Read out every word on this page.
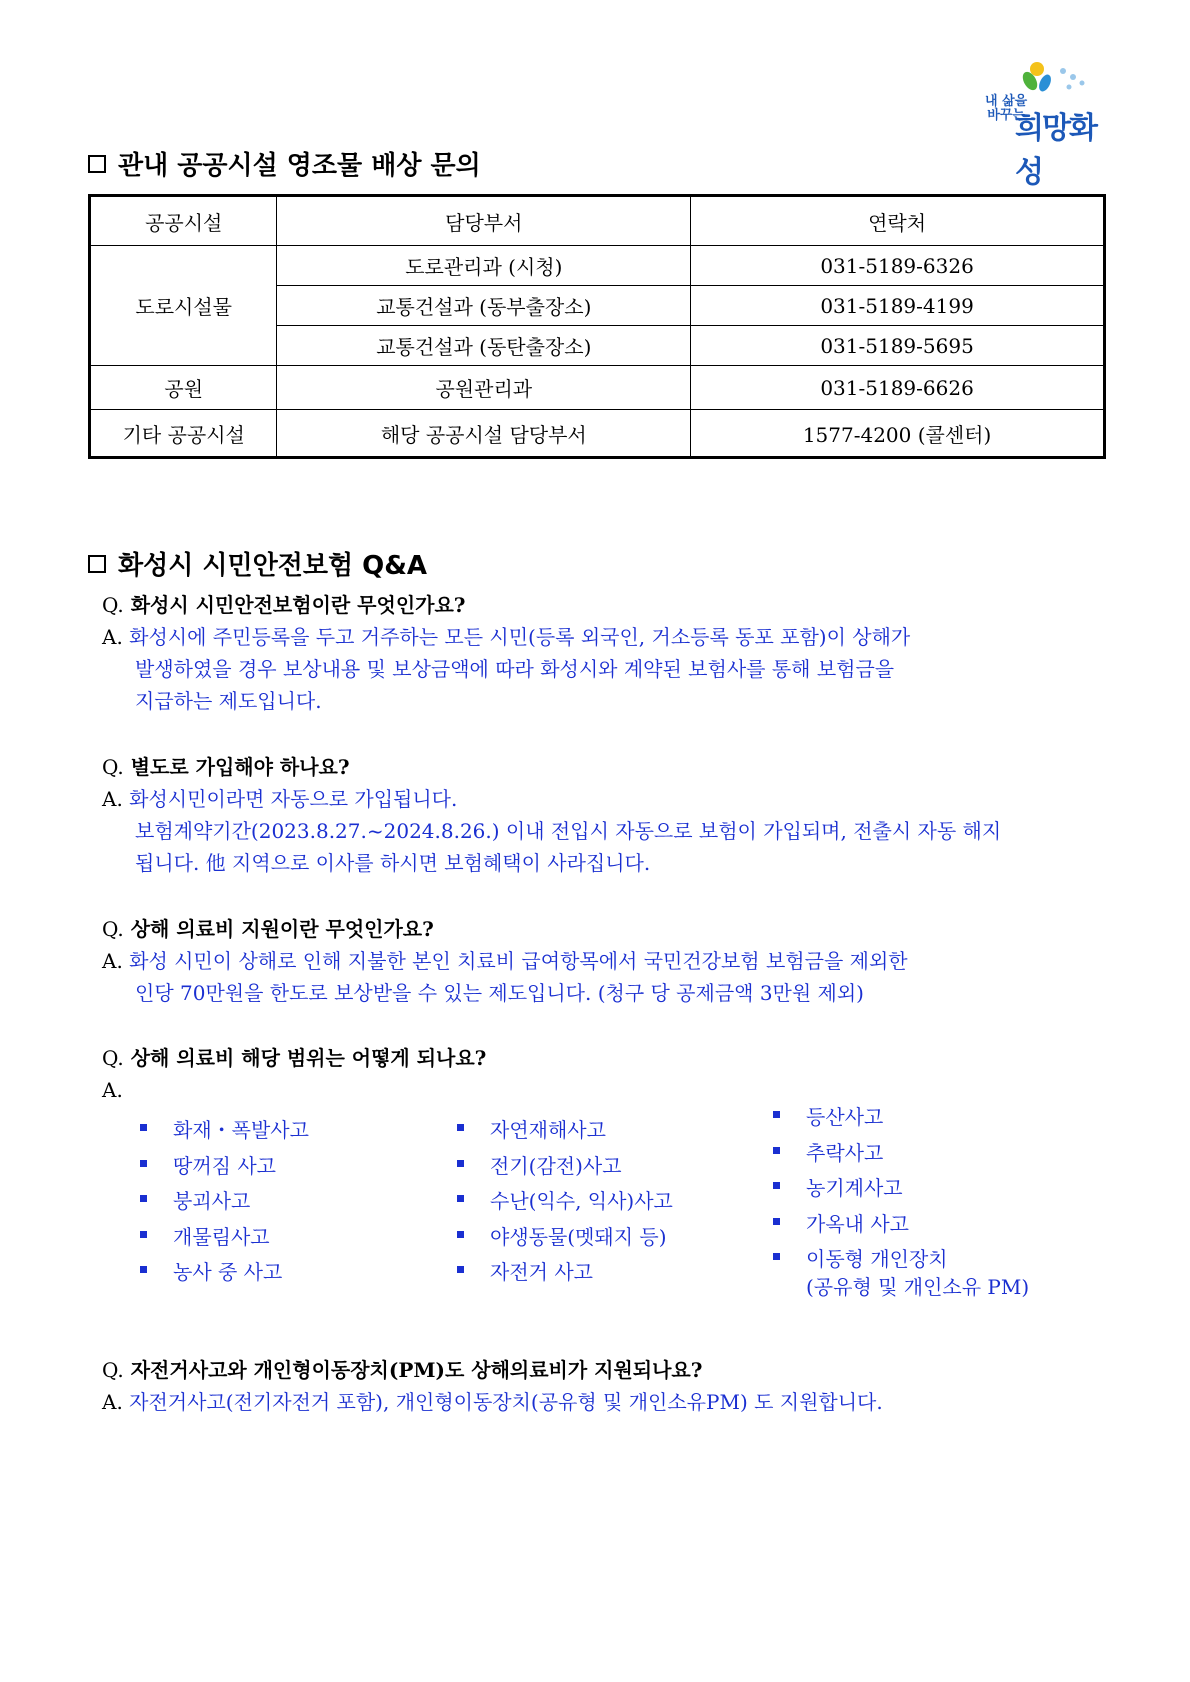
내 삶을
바꾸는
희망화성
관내 공공시설 영조물 배상 문의
공공시설	담당부서	연락처
도로시설물	도로관리과 (시청)	031-5189-6326
	교통건설과 (동부출장소)	031-5189-4199
	교통건설과 (동탄출장소)	031-5189-5695
공원	공원관리과	031-5189-6626
기타 공공시설	해당 공공시설 담당부서	1577-4200 (콜센터)
화성시 시민안전보험 Q&A
Q. 화성시 시민안전보험이란 무엇인가요?
A. 화성시에 주민등록을 두고 거주하는 모든 시민(등록 외국인, 거소등록 동포 포함)이 상해가
발생하였을 경우 보상내용 및 보상금액에 따라 화성시와 계약된 보험사를 통해 보험금을
지급하는 제도입니다.
Q. 별도로 가입해야 하나요?
A. 화성시민이라면 자동으로 가입됩니다.
보험계약기간(2023.8.27.~2024.8.26.) 이내 전입시 자동으로 보험이 가입되며, 전출시 자동 해지
됩니다. 他 지역으로 이사를 하시면 보험혜택이 사라집니다.
Q. 상해 의료비 지원이란 무엇인가요?
A. 화성 시민이 상해로 인해 지불한 본인 치료비 급여항목에서 국민건강보험 보험금을 제외한
인당 70만원을 한도로 보상받을 수 있는 제도입니다. (청구 당 공제금액 3만원 제외)
Q. 상해 의료비 해당 범위는 어떻게 되나요?
A.
화재・폭발사고
땅꺼짐 사고
붕괴사고
개물림사고
농사 중 사고
자연재해사고
전기(감전)사고
수난(익수, 익사)사고
야생동물(멧돼지 등)
자전거 사고
등산사고
추락사고
농기계사고
가옥내 사고
이동형 개인장치
(공유형 및 개인소유 PM)
Q. 자전거사고와 개인형이동장치(PM)도 상해의료비가 지원되나요?
A. 자전거사고(전기자전거 포함), 개인형이동장치(공유형 및 개인소유PM) 도 지원합니다.
